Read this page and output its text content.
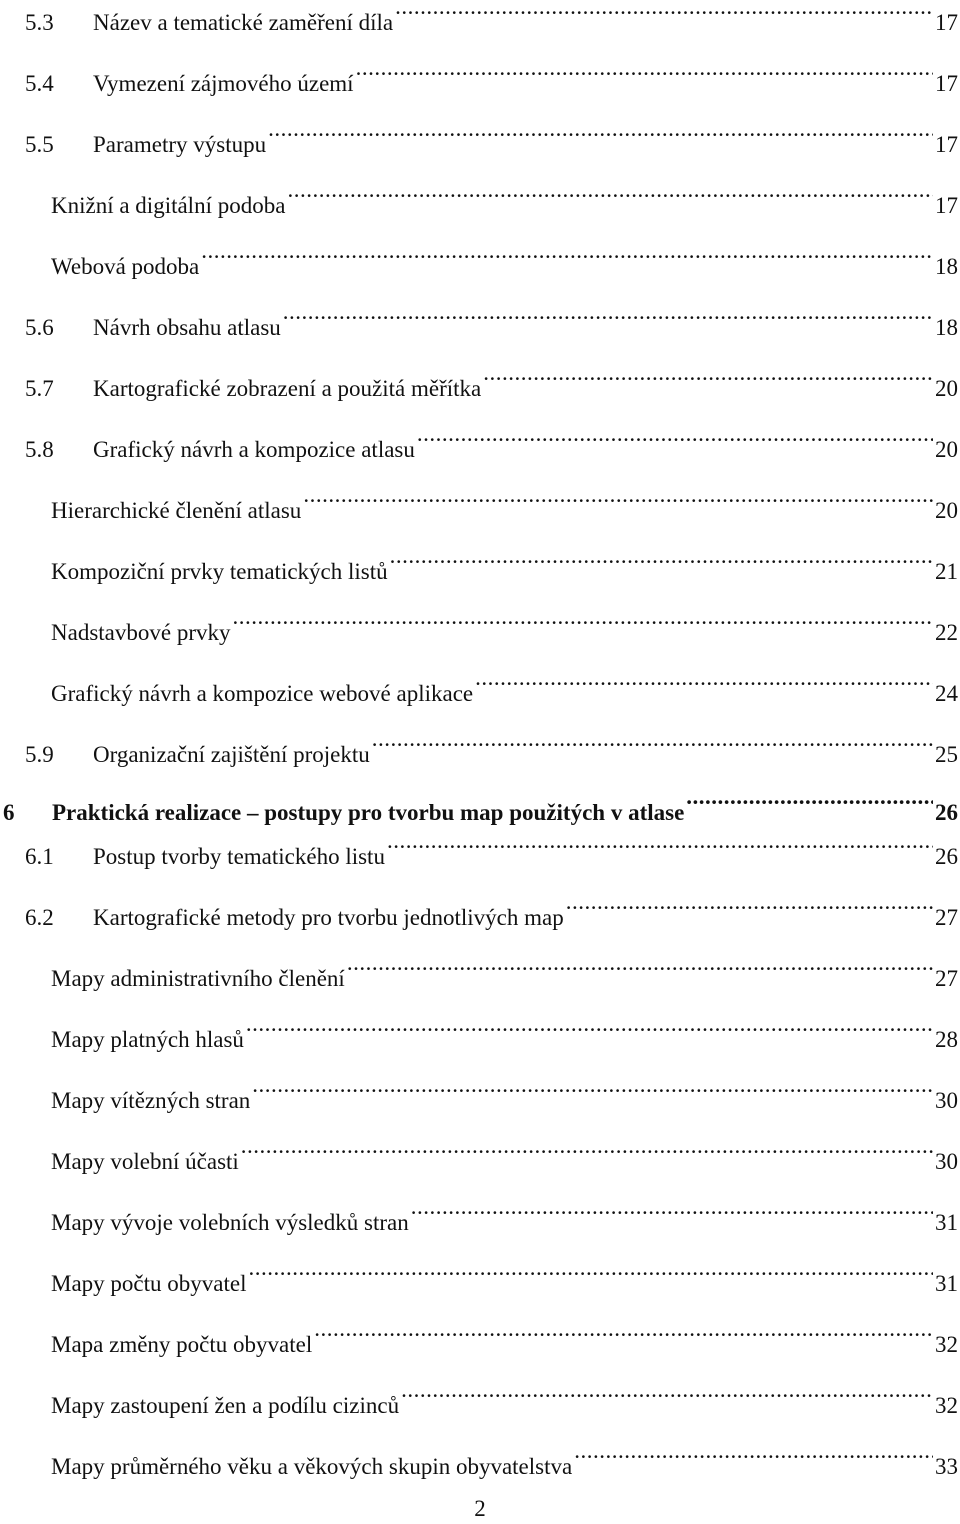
5.3	Název a tematické zaměření díla .....	17
5.4	Vymezení zájmového území .....	17
5.5	Parametry výstupu .....	17
Knižní a digitální podoba .....	17
Webová podoba .....	18
5.6	Návrh obsahu atlasu .....	18
5.7	Kartografické zobrazení a použitá měřítka .....	20
5.8	Grafický návrh a kompozice atlasu .....	20
Hierarchické členění atlasu .....	20
Kompoziční prvky tematických listů .....	21
Nadstavbové prvky .....	22
Grafický návrh a kompozice webové aplikace .....	24
5.9	Organizační zajištění projektu .....	25
6	Praktická realizace – postupy pro tvorbu map použitých v atlase .....	26
6.1	Postup tvorby tematického listu .....	26
6.2	Kartografické metody pro tvorbu jednotlivých map .....	27
Mapy administrativního členění .....	27
Mapy platných hlasů .....	28
Mapy vítězných stran .....	30
Mapy volební účasti .....	30
Mapy vývoje volebních výsledků stran .....	31
Mapy počtu obyvatel .....	31
Mapa změny počtu obyvatel .....	32
Mapy zastoupení žen a podílu cizinců .....	32
Mapy průměrného věku a věkových skupin obyvatelstva .....	33
2
